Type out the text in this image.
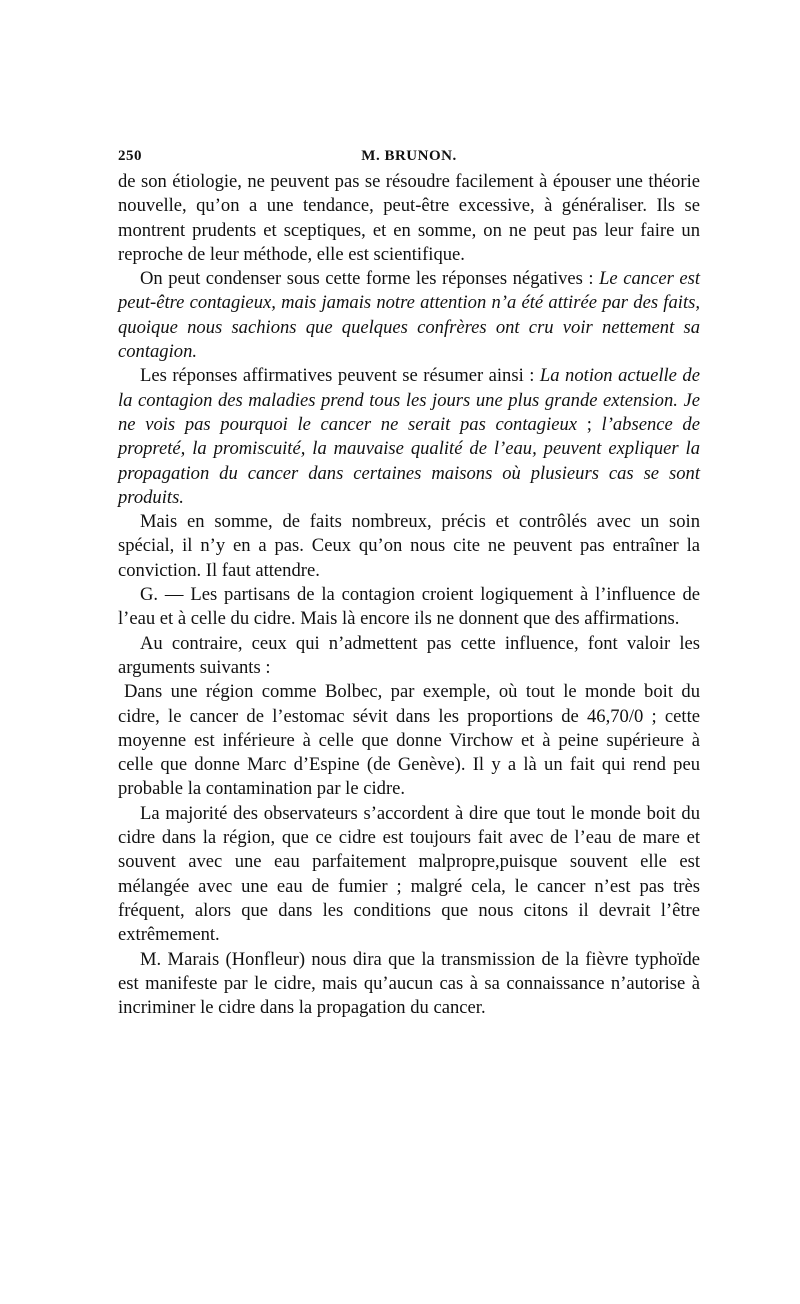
250	M. BRUNON.

de son étiologie, ne peuvent pas se résoudre facilement à épouser une théorie nouvelle, qu’on a une tendance, peut-être excessive, à généraliser. Ils se montrent prudents et sceptiques, et en somme, on ne peut pas leur faire un reproche de leur méthode, elle est scientifique.

On peut condenser sous cette forme les réponses négatives : Le cancer est peut-être contagieux, mais jamais notre attention n’a été attirée par des faits, quoique nous sachions que quelques confrères ont cru voir nettement sa contagion.

Les réponses affirmatives peuvent se résumer ainsi : La notion actuelle de la contagion des maladies prend tous les jours une plus grande extension. Je ne vois pas pourquoi le cancer ne serait pas contagieux ; l’absence de propreté, la promiscuité, la mauvaise qualité de l’eau, peuvent expliquer la propagation du cancer dans certaines maisons où plusieurs cas se sont produits.

Mais en somme, de faits nombreux, précis et contrôlés avec un soin spécial, il n’y en a pas. Ceux qu’on nous cite ne peuvent pas entraîner la conviction. Il faut attendre.

G. — Les partisans de la contagion croient logiquement à l’influence de l’eau et à celle du cidre. Mais là encore ils ne donnent que des affirmations.

Au contraire, ceux qui n’admettent pas cette influence, font valoir les arguments suivants :

Dans une région comme Bolbec, par exemple, où tout le monde boit du cidre, le cancer de l’estomac sévit dans les proportions de 46,70/0 ; cette moyenne est inférieure à celle que donne Virchow et à peine supérieure à celle que donne Marc d’Espine (de Genève). Il y a là un fait qui rend peu probable la contamination par le cidre.

La majorité des observateurs s’accordent à dire que tout le monde boit du cidre dans la région, que ce cidre est toujours fait avec de l’eau de mare et souvent avec une eau parfaitement malpropre,puisque souvent elle est mélangée avec une eau de fumier ; malgré cela, le cancer n’est pas très fréquent, alors que dans les conditions que nous citons il devrait l’être extrêmement.

M. Marais (Honfleur) nous dira que la transmission de la fièvre typhoïde est manifeste par le cidre, mais qu’aucun cas à sa connaissance n’autorise à incriminer le cidre dans la propagation du cancer.
